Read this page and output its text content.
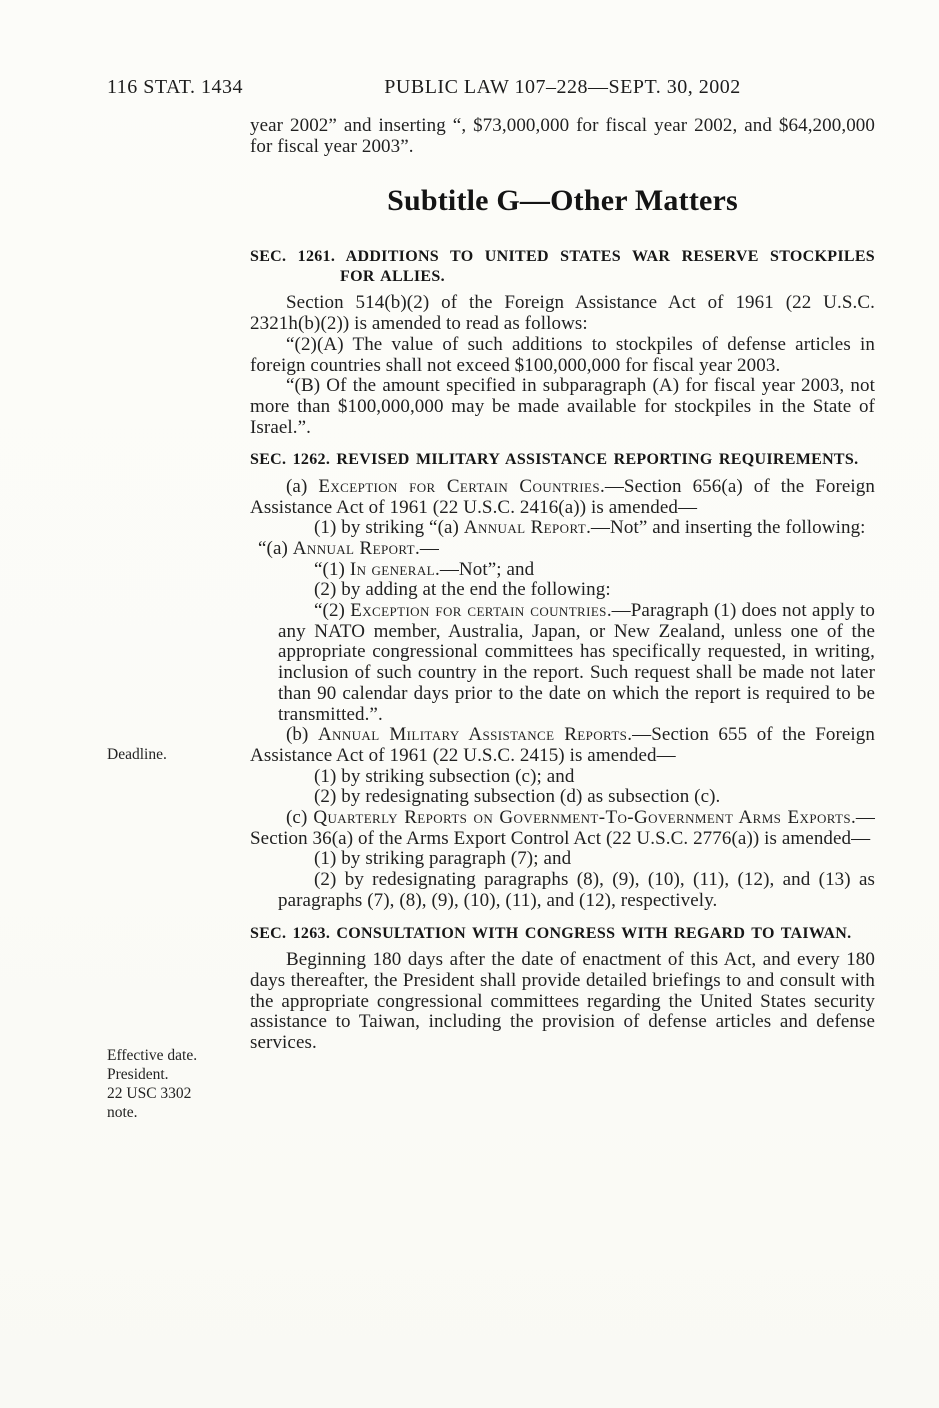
116 STAT. 1434	PUBLIC LAW 107–228—SEPT. 30, 2002
year 2002” and inserting “, $73,000,000 for fiscal year 2002, and $64,200,000 for fiscal year 2003”.
Subtitle G—Other Matters
SEC. 1261. ADDITIONS TO UNITED STATES WAR RESERVE STOCKPILES FOR ALLIES.
Section 514(b)(2) of the Foreign Assistance Act of 1961 (22 U.S.C. 2321h(b)(2)) is amended to read as follows:
“(2)(A) The value of such additions to stockpiles of defense articles in foreign countries shall not exceed $100,000,000 for fiscal year 2003.
“(B) Of the amount specified in subparagraph (A) for fiscal year 2003, not more than $100,000,000 may be made available for stockpiles in the State of Israel.”.
SEC. 1262. REVISED MILITARY ASSISTANCE REPORTING REQUIREMENTS.
(a) Exception for Certain Countries.—Section 656(a) of the Foreign Assistance Act of 1961 (22 U.S.C. 2416(a)) is amended—
(1) by striking “(a) Annual Report.—Not” and inserting the following:
“(a) Annual Report.—
“(1) In general.—Not”; and
(2) by adding at the end the following:
“(2) Exception for certain countries.—Paragraph (1) does not apply to any NATO member, Australia, Japan, or New Zealand, unless one of the appropriate congressional committees has specifically requested, in writing, inclusion of such country in the report. Such request shall be made not later than 90 calendar days prior to the date on which the report is required to be transmitted.”.
(b) Annual Military Assistance Reports.—Section 655 of the Foreign Assistance Act of 1961 (22 U.S.C. 2415) is amended—
(1) by striking subsection (c); and
(2) by redesignating subsection (d) as subsection (c).
(c) Quarterly Reports on Government-To-Government Arms Exports.—Section 36(a) of the Arms Export Control Act (22 U.S.C. 2776(a)) is amended—
(1) by striking paragraph (7); and
(2) by redesignating paragraphs (8), (9), (10), (11), (12), and (13) as paragraphs (7), (8), (9), (10), (11), and (12), respectively.
SEC. 1263. CONSULTATION WITH CONGRESS WITH REGARD TO TAIWAN.
Beginning 180 days after the date of enactment of this Act, and every 180 days thereafter, the President shall provide detailed briefings to and consult with the appropriate congressional committees regarding the United States security assistance to Taiwan, including the provision of defense articles and defense services.
Deadline.
Effective date.
President.
22 USC 3302
note.
